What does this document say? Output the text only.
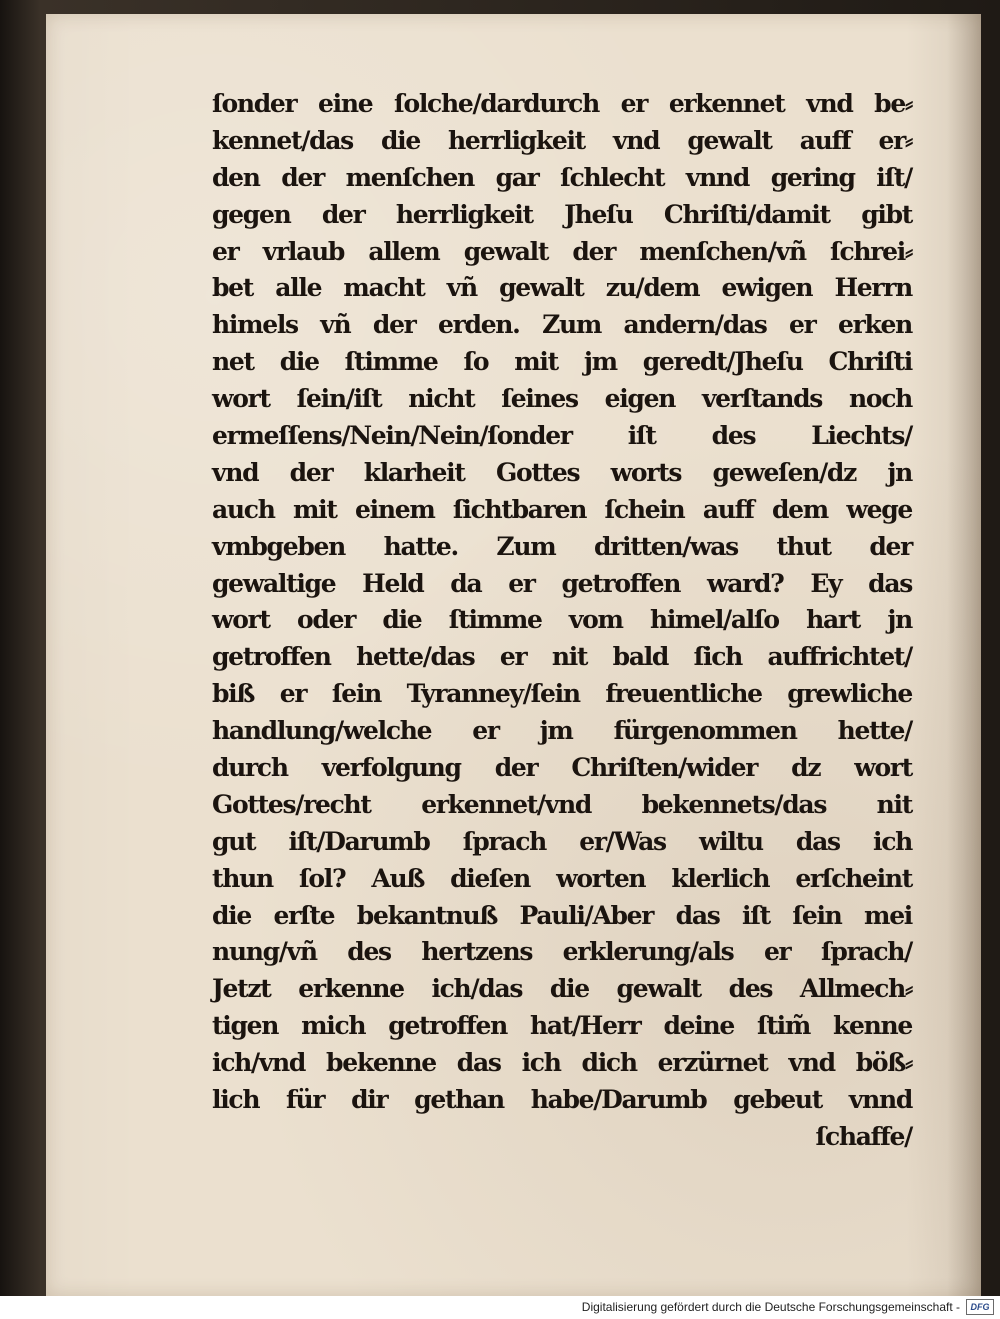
ſonder eine ſolche/dardurch er erkennet vnd be⸗
kennet/das die herrligkeit vnd gewalt auff er⸗
den der menſchen gar ſchlecht vnnd gering iſt/
gegen der herrligkeit Jheſu Chriſti/damit gibt
er vrlaub allem gewalt der menſchen/vñ ſchrei⸗
bet alle macht vñ gewalt zu/dem ewigen Herrn
himels vñ der erden. Zum andern/das er erken
net die ſtimme ſo mit jm geredt/Jheſu Chriſti
wort ſein/iſt nicht ſeines eigen verſtands noch
ermeſſens/Nein/Nein/ſonder iſt des Liechts/
vnd der klarheit Gottes worts geweſen/dz jn
auch mit einem ſichtbaren ſchein auff dem wege
vmbgeben hatte. Zum dritten/was thut der
gewaltige Held da er getroffen ward? Ey das
wort oder die ſtimme vom himel/alſo hart jn
getroffen hette/das er nit bald ſich auffrichtet/
biß er ſein Tyranney/ſein freuentliche grewliche
handlung/welche er jm fürgenommen hette/
durch verfolgung der Chriſten/wider dz wort
Gottes/recht erkennet/vnd bekennets/das nit
gut iſt/Darumb ſprach er/Was wiltu das ich
thun ſol? Auß dieſen worten klerlich erſcheint
die erſte bekantnuß Pauli/Aber das iſt ſein mei
nung/vñ des hertzens erklerung/als er ſprach/
Jetzt erkenne ich/das die gewalt des Allmech⸗
tigen mich getroffen hat/Herr deine ſtim̃ kenne
ich/vnd bekenne das ich dich erzürnet vnd böß⸗
lich für dir gethan habe/Darumb gebeut vnnd
ſchaffe/
Digitalisierung gefördert durch die Deutsche Forschungsgemeinschaft -	DFG
